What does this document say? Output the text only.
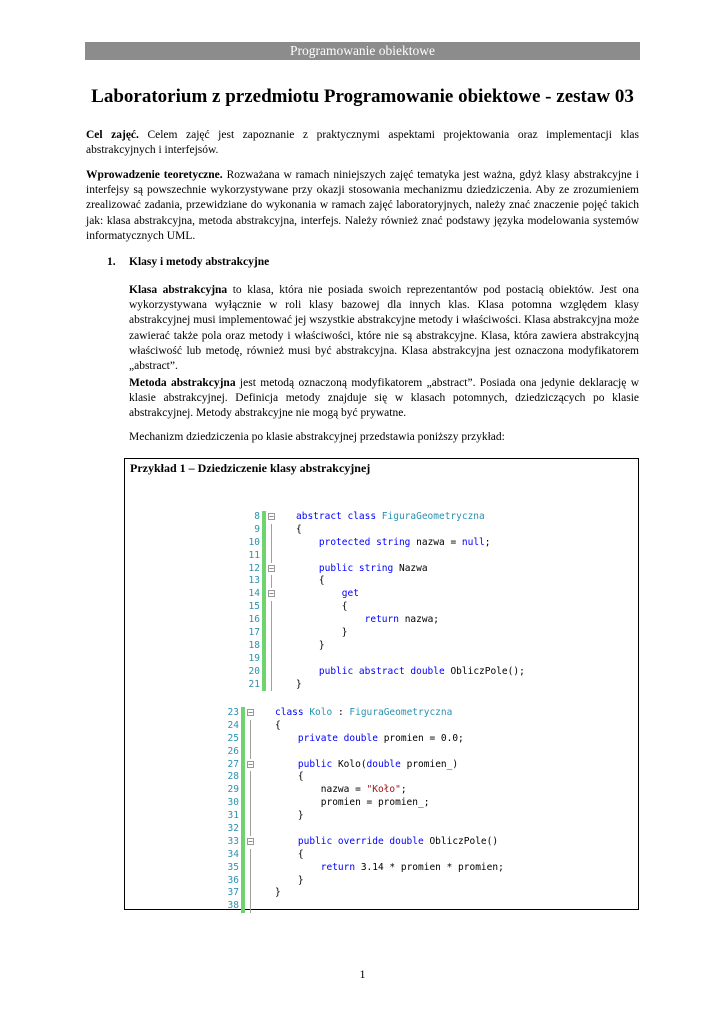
Programowanie obiektowe
Laboratorium z przedmiotu Programowanie obiektowe - zestaw 03

Cel zajęć. Celem zajęć jest zapoznanie z praktycznymi aspektami projektowania oraz implementacji klas abstrakcyjnych i interfejsów.

Wprowadzenie teoretyczne. Rozważana w ramach niniejszych zajęć tematyka jest ważna, gdyż klasy abstrakcyjne i interfejsy są powszechnie wykorzystywane przy okazji stosowania mechanizmu dziedziczenia. Aby ze zrozumieniem zrealizować zadania, przewidziane do wykonania w ramach zajęć laboratoryjnych, należy znać znaczenie pojęć takich jak: klasa abstrakcyjna, metoda abstrakcyjna, interfejs. Należy również znać podstawy języka modelowania systemów informatycznych UML.

1. Klasy i metody abstrakcyjne

Klasa abstrakcyjna to klasa, która nie posiada swoich reprezentantów pod postacią obiektów. Jest ona wykorzystywana wyłącznie w roli klasy bazowej dla innych klas. Klasa potomna względem klasy abstrakcyjnej musi implementować jej wszystkie abstrakcyjne metody i właściwości. Klasa abstrakcyjna może zawierać także pola oraz metody i właściwości, które nie są abstrakcyjne. Klasa, która zawiera abstrakcyjną właściwość lub metodę, również musi być abstrakcyjna. Klasa abstrakcyjna jest oznaczona modyfikatorem „abstract”.

Metoda abstrakcyjna jest metodą oznaczoną modyfikatorem „abstract”. Posiada ona jedynie deklarację w klasie abstrakcyjnej. Definicja metody znajduje się w klasach potomnych, dziedziczących po klasie abstrakcyjnej. Metody abstrakcyjne nie mogą być prywatne.

Mechanizm dziedziczenia po klasie abstrakcyjnej przedstawia poniższy przykład:

Przykład 1 – Dziedziczenie klasy abstrakcyjnej
8 − abstract class FiguraGeometryczna
9	{
10	protected string nazwa = null;
11
12 −	public string Nazwa
13	{
14 −	get
15	{
16	return nazwa;
17	}
18	}
19
20	public abstract double ObliczPole();
21	}
23 − class Kolo : FiguraGeometryczna
24	{
25	private double promien = 0.0;
26
27 −	public Kolo(double promien_)
28	{
29	nazwa = "Koło";
30	promien = promien_;
31	}
32
33 −	public override double ObliczPole()
34	{
35	return 3.14 * promien * promien;
36	}
37	}
38
1
